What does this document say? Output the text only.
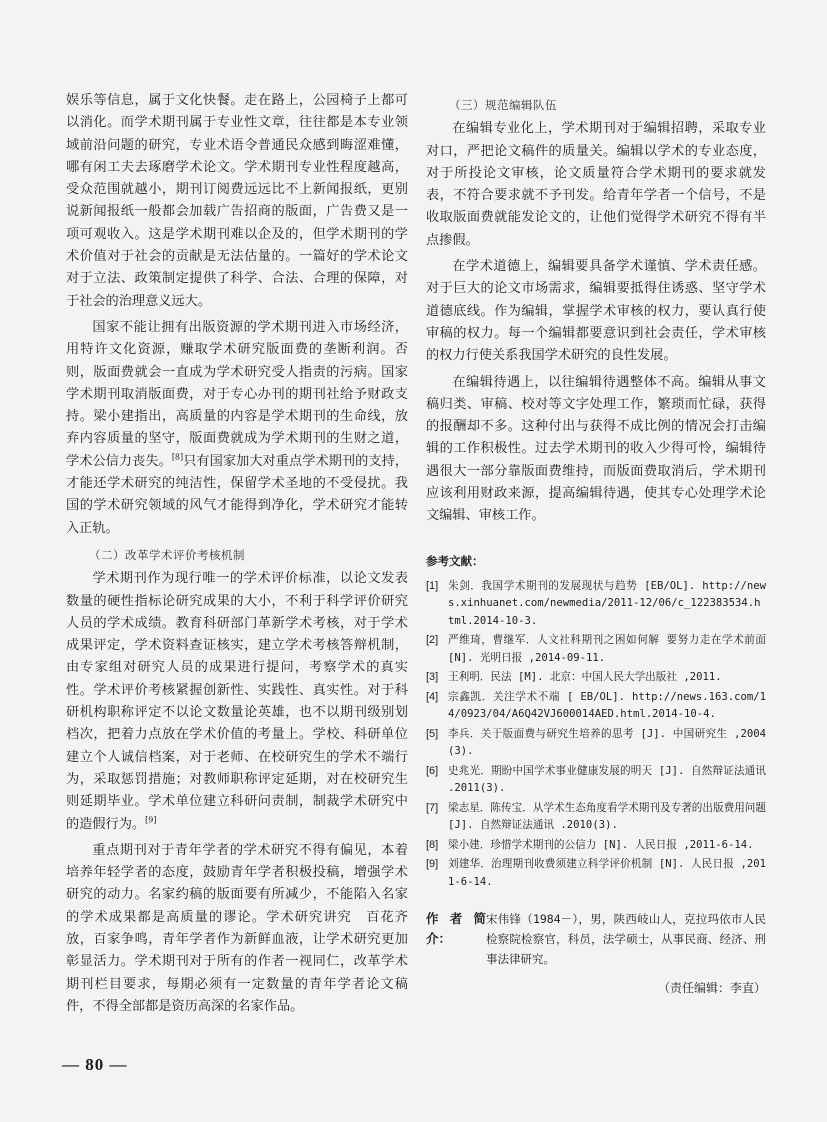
娱乐等信息，属于文化快餐。走在路上，公园椅子上都可以消化。而学术期刊属于专业性文章，往往都是本专业领域前沿问题的研究，专业术语令普通民众感到晦涩难懂，哪有闲工夫去琢磨学术论文。学术期刊专业性程度越高，受众范围就越小，期刊订阅费远远比不上新闻报纸，更别说新闻报纸一般都会加载广告招商的版面，广告费又是一项可观收入。这是学术期刊难以企及的，但学术期刊的学术价值对于社会的贡献是无法估量的。一篇好的学术论文对于立法、政策制定提供了科学、合法、合理的保障，对于社会的治理意义远大。

国家不能让拥有出版资源的学术期刊进入市场经济，用特许文化资源，赚取学术研究版面费的垄断利润。否则，版面费就会一直成为学术研究受人指责的污病。国家学术期刊取消版面费，对于专心办刊的期刊社给予财政支持。梁小建指出，高质量的内容是学术期刊的生命线，放弃内容质量的坚守，版面费就成为学术期刊的生财之道，学术公信力丧失。[8]只有国家加大对重点学术期刊的支持，才能还学术研究的纯洁性，保留学术圣地的不受侵扰。我国的学术研究领域的风气才能得到净化，学术研究才能转入正轨。

（二）改革学术评价考核机制

学术期刊作为现行唯一的学术评价标准，以论文发表数量的硬性指标论研究成果的大小，不利于科学评价研究人员的学术成绩。教育科研部门革新学术考核，对于学术成果评定，学术资料查证核实，建立学术考核答辩机制，由专家组对研究人员的成果进行提问，考察学术的真实性。学术评价考核紧握创新性、实践性、真实性。对于科研机构职称评定不以论文数量论英雄，也不以期刊级别划档次，把着力点放在学术价值的考量上。学校、科研单位建立个人诚信档案，对于老师、在校研究生的学术不端行为，采取惩罚措施；对教师职称评定延期，对在校研究生则延期毕业。学术单位建立科研问责制，制裁学术研究中的造假行为。[9]

重点期刊对于青年学者的学术研究不得有偏见，本着培养年轻学者的态度，鼓励青年学者积极投稿，增强学术研究的动力。名家约稿的版面要有所减少，不能陷入名家的学术成果都是高质量的谬论。学术研究讲究　百花齐放，百家争鸣，青年学者作为新鲜血液，让学术研究更加彰显活力。学术期刊对于所有的作者一视同仁，改革学术期刊栏目要求，每期必须有一定数量的青年学者论文稿件，不得全部都是资历高深的名家作品。

（三）规范编辑队伍

在编辑专业化上，学术期刊对于编辑招聘，采取专业对口，严把论文稿件的质量关。编辑以学术的专业态度，对于所投论文审核，论文质量符合学术期刊的要求就发表，不符合要求就不予刊发。给青年学者一个信号，不是收取版面费就能发论文的，让他们觉得学术研究不得有半点掺假。

在学术道德上，编辑要具备学术谨慎、学术责任感。对于巨大的论文市场需求，编辑要抵得住诱惑、坚守学术道德底线。作为编辑，掌握学术审核的权力，要认真行使审稿的权力。每一个编辑都要意识到社会责任，学术审核的权力行使关系我国学术研究的良性发展。

在编辑待遇上，以往编辑待遇整体不高。编辑从事文稿归类、审稿、校对等文字处理工作，繁琐而忙碌，获得的报酬却不多。这种付出与获得不成比例的情况会打击编辑的工作积极性。过去学术期刊的收入少得可怜，编辑待遇很大一部分靠版面费维持，而版面费取消后，学术期刊应该利用财政来源，提高编辑待遇，使其专心处理学术论文编辑、审核工作。

参考文献：
[1] 朱剑．我国学术期刊的发展现状与趋势 [EB/OL]. http://news.xinhuanet.com/newmedia/2011-12/06/c_122383534.html.2014-10-3.
[2] 严维琦，曹继军．人文社科期刊之困如何解 要努力走在学术前面 [N]. 光明日报 ,2014-09-11.
[3] 王利明．民法 [M]. 北京：中国人民大学出版社 ,2011.
[4] 宗鑫凯．关注学术不端 [ EB/OL]. http://news.163.com/14/0923/04/A6Q42VJ600014AED.html.2014-10-4.
[5] 李兵．关于版面费与研究生培养的思考 [J]. 中国研究生 ,2004(3).
[6] 史兆光．期盼中国学术事业健康发展的明天 [J]. 自然辩证法通讯 .2011(3).
[7] 梁志星．陈传宝．从学术生态角度看学术期刊及专著的出版费用问题 [J]. 自然辩证法通讯 .2010(3).
[8] 梁小建．珍惜学术期刊的公信力 [N]. 人民日报 ,2011-6-14.
[9] 刘建华．治理期刊收费须建立科学评价机制 [N]. 人民日报 ,2011-6-14.
作者简介：
宋伟锋（1984－），男，陕西岐山人，克拉玛依市人民检察院检察官，科员，法学硕士，从事民商、经济、刑事法律研究。
（责任编辑：李直）
— 80 —
